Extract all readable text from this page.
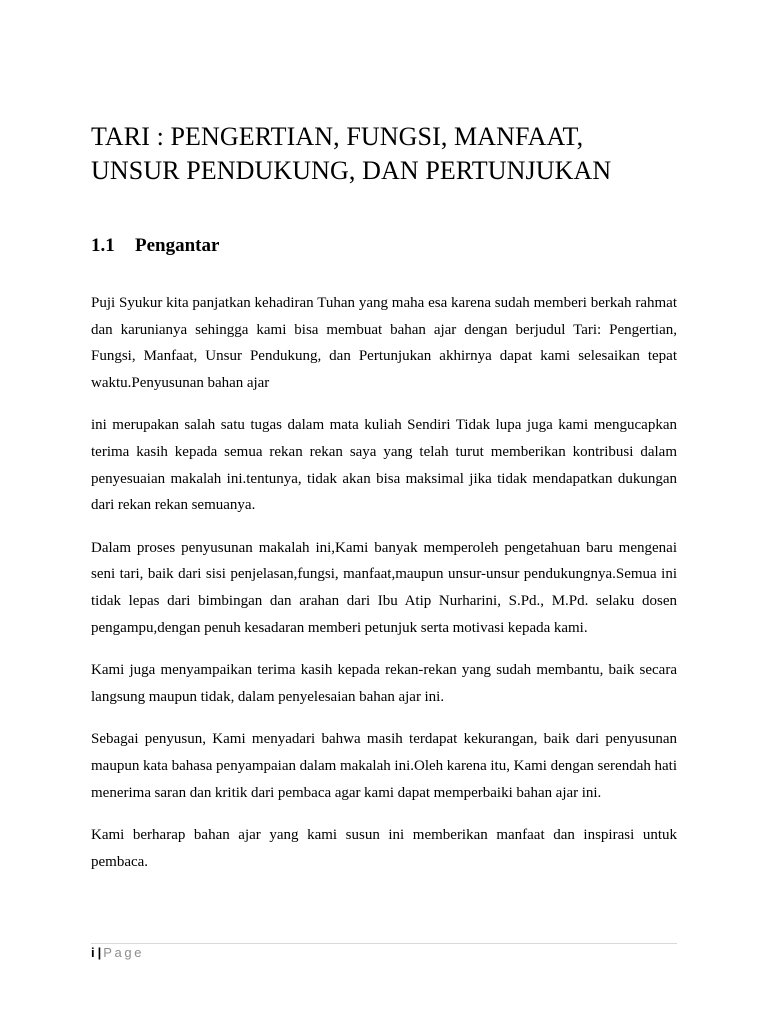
TARI : PENGERTIAN, FUNGSI, MANFAAT,
UNSUR PENDUKUNG, DAN PERTUNJUKAN
1.1 Pengantar

Puji Syukur kita panjatkan kehadiran Tuhan yang maha esa karena sudah memberi berkah rahmat dan karunianya sehingga kami bisa membuat bahan ajar dengan berjudul Tari: Pengertian, Fungsi, Manfaat, Unsur Pendukung, dan Pertunjukan akhirnya dapat kami selesaikan tepat waktu.Penyusunan bahan ajar

ini merupakan salah satu tugas dalam mata kuliah Sendiri Tidak lupa juga kami mengucapkan terima kasih kepada semua rekan rekan saya yang telah turut memberikan kontribusi dalam penyesuaian makalah ini.tentunya, tidak akan bisa maksimal jika tidak mendapatkan dukungan dari rekan rekan semuanya.

Dalam proses penyusunan makalah ini,Kami banyak memperoleh pengetahuan baru mengenai seni tari, baik dari sisi penjelasan,fungsi, manfaat,maupun unsur-unsur pendukungnya.Semua ini tidak lepas dari bimbingan dan arahan dari Ibu Atip Nurharini, S.Pd., M.Pd. selaku dosen pengampu,dengan penuh kesadaran memberi petunjuk serta motivasi kepada kami.

Kami juga menyampaikan terima kasih kepada rekan-rekan yang sudah membantu, baik secara langsung maupun tidak, dalam penyelesaian bahan ajar ini.

Sebagai penyusun, Kami menyadari bahwa masih terdapat kekurangan, baik dari penyusunan maupun kata bahasa penyampaian dalam makalah ini.Oleh karena itu, Kami dengan serendah hati menerima saran dan kritik dari pembaca agar kami dapat memperbaiki bahan ajar ini.

Kami berharap bahan ajar yang kami susun ini memberikan manfaat dan inspirasi untuk pembaca.

i | Page
